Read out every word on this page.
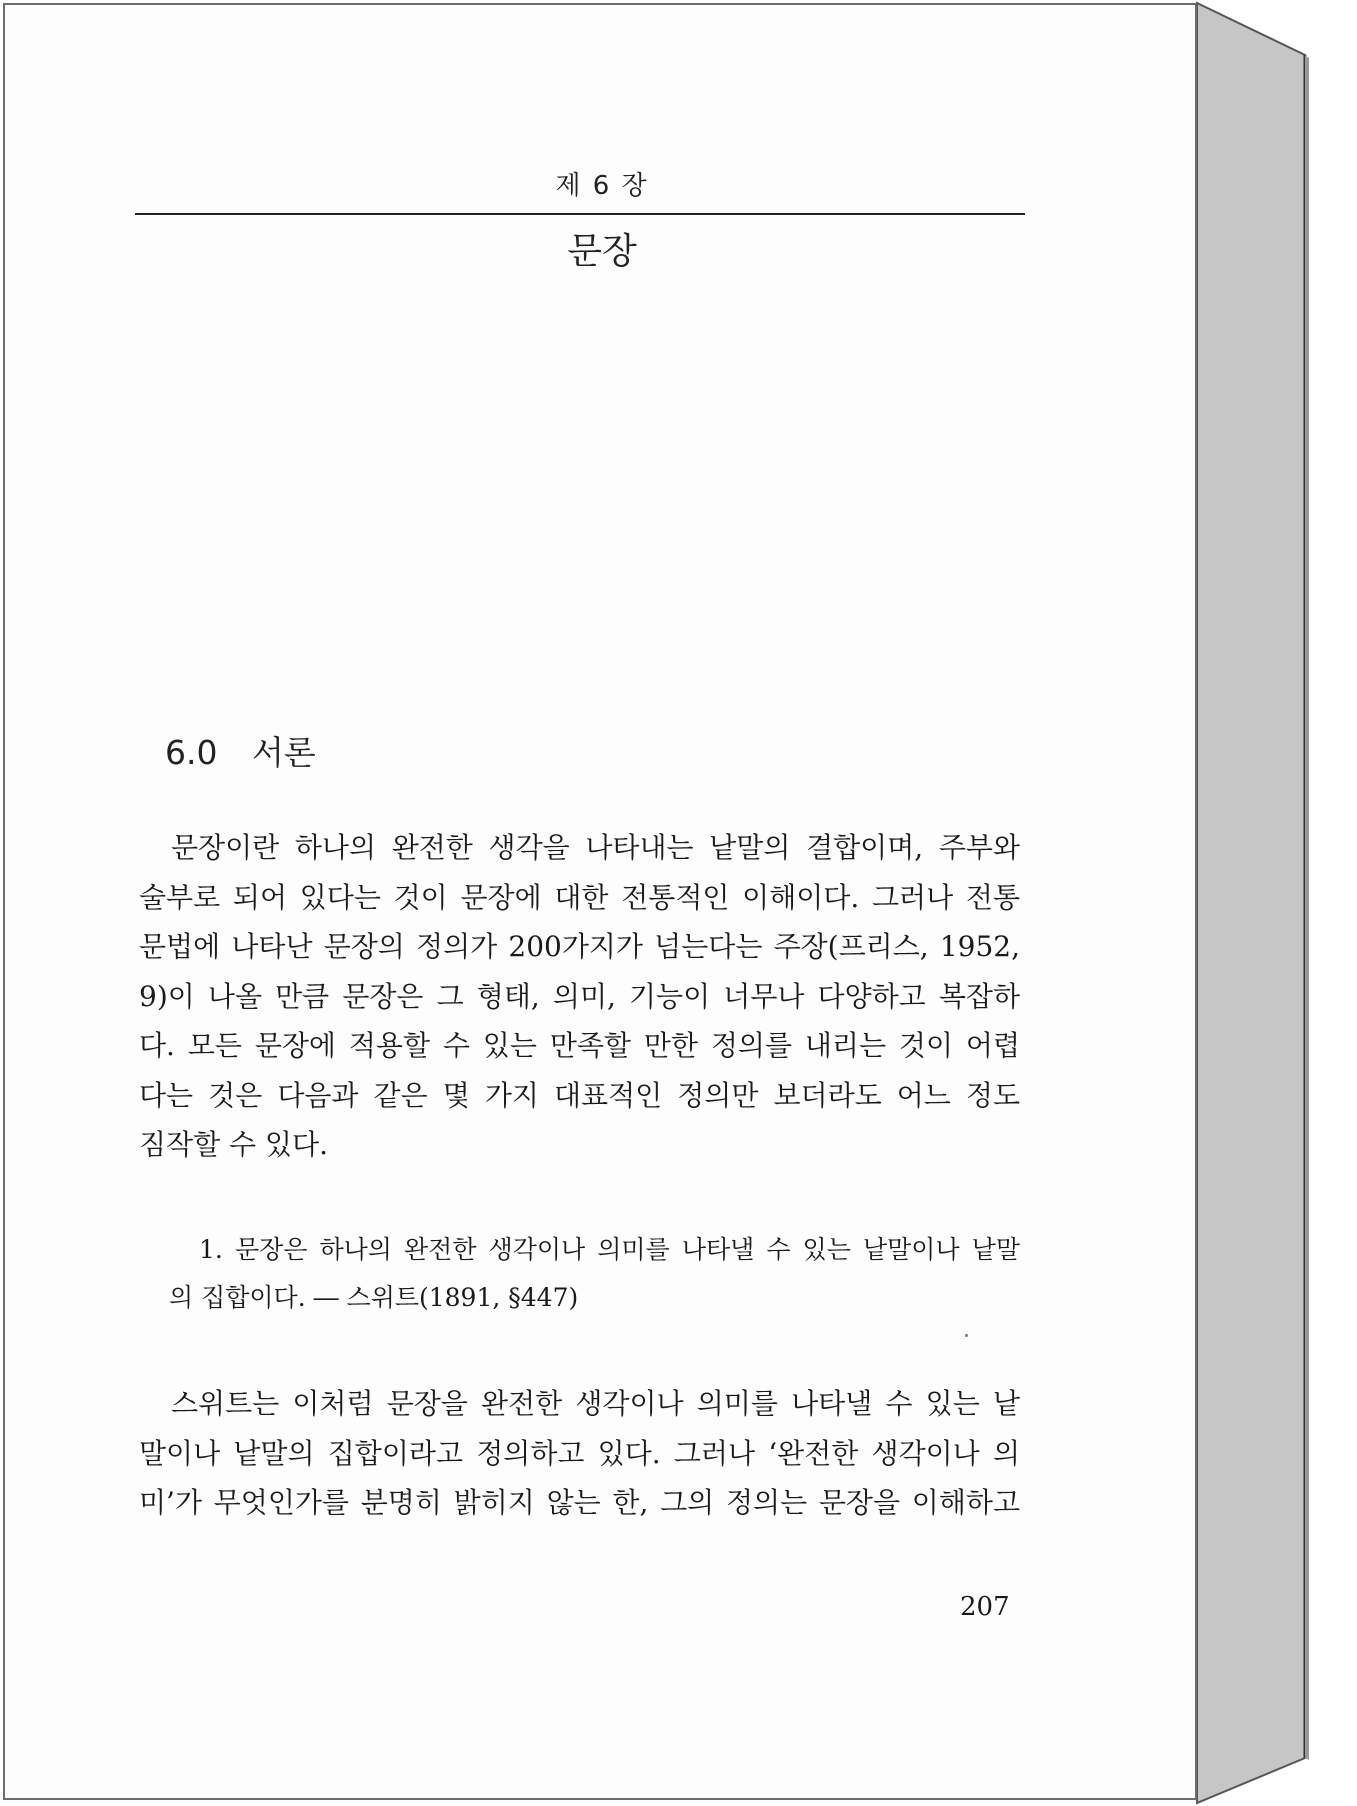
제 6 장
문장
6.0 서론
문장이란 하나의 완전한 생각을 나타내는 낱말의 결합이며, 주부와
술부로 되어 있다는 것이 문장에 대한 전통적인 이해이다. 그러나 전통
문법에 나타난 문장의 정의가 200가지가 넘는다는 주장(프리스, 1952,
9)이 나올 만큼 문장은 그 형태, 의미, 기능이 너무나 다양하고 복잡하
다. 모든 문장에 적용할 수 있는 만족할 만한 정의를 내리는 것이 어렵
다는 것은 다음과 같은 몇 가지 대표적인 정의만 보더라도 어느 정도
짐작할 수 있다.
1. 문장은 하나의 완전한 생각이나 의미를 나타낼 수 있는 낱말이나 낱말
의 집합이다. ― 스위트(1891, §447)
스위트는 이처럼 문장을 완전한 생각이나 의미를 나타낼 수 있는 낱
말이나 낱말의 집합이라고 정의하고 있다. 그러나 ‘완전한 생각이나 의
미’가 무엇인가를 분명히 밝히지 않는 한, 그의 정의는 문장을 이해하고
207
